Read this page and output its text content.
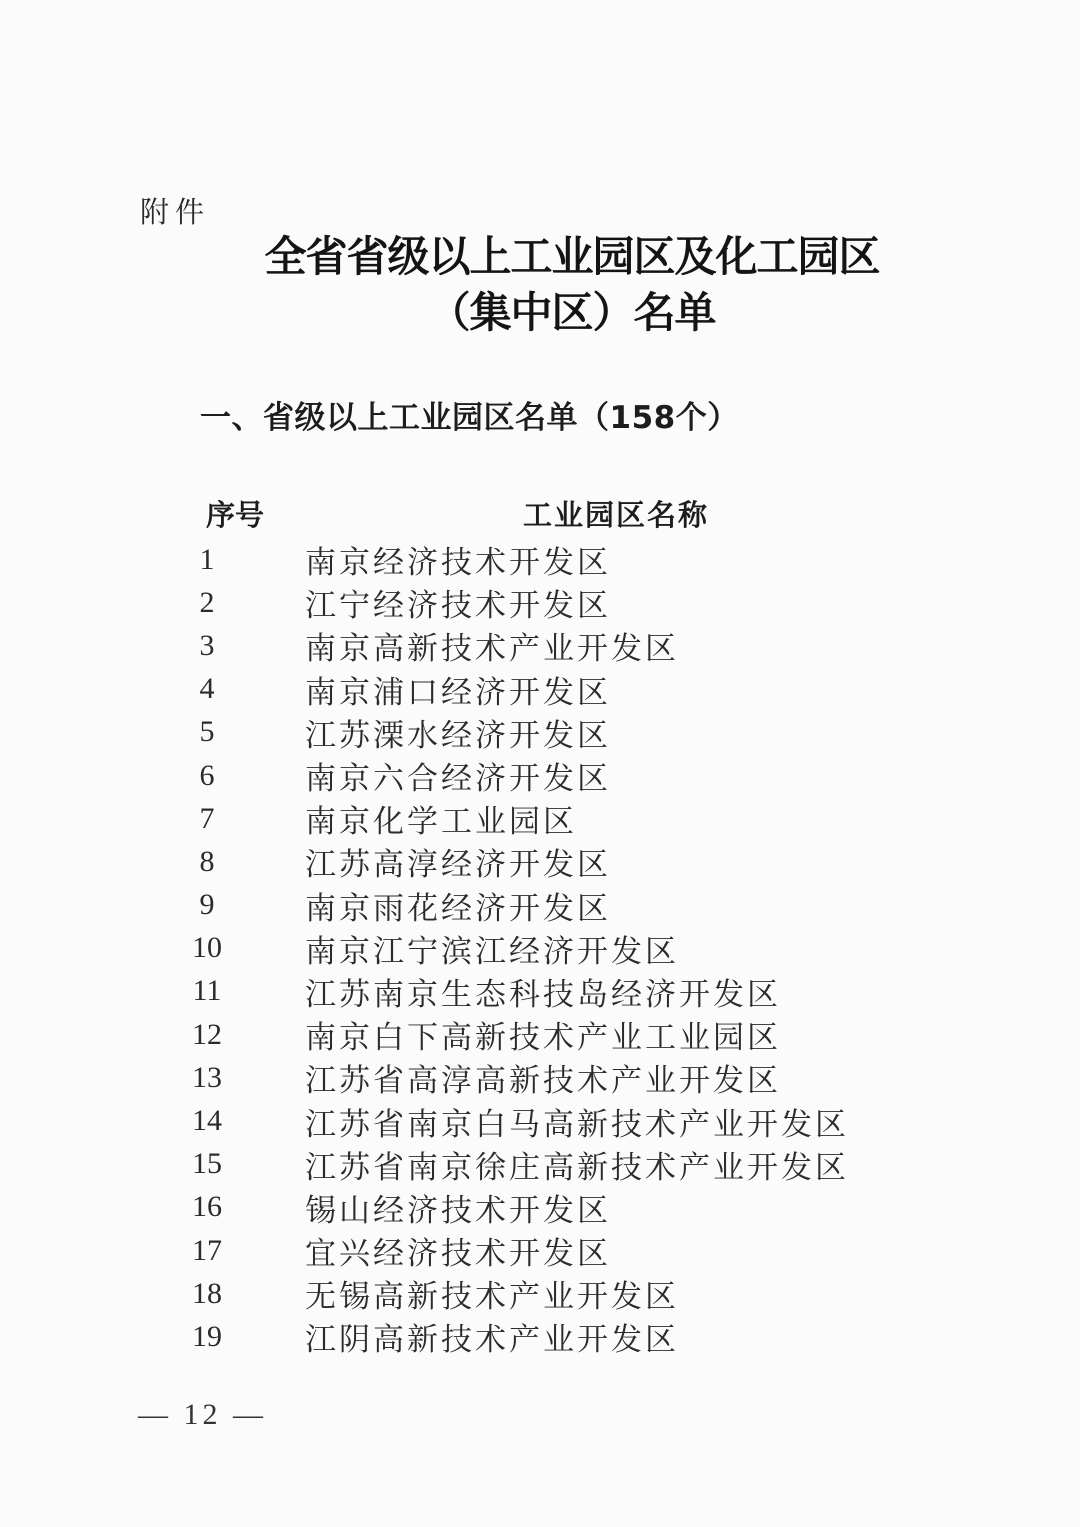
附件
全省省级以上工业园区及化工园区
（集中区）名单
一、省级以上工业园区名单（158个）
序号	工业园区名称
1	南京经济技术开发区
2	江宁经济技术开发区
3	南京高新技术产业开发区
4	南京浦口经济开发区
5	江苏溧水经济开发区
6	南京六合经济开发区
7	南京化学工业园区
8	江苏高淳经济开发区
9	南京雨花经济开发区
10	南京江宁滨江经济开发区
11	江苏南京生态科技岛经济开发区
12	南京白下高新技术产业工业园区
13	江苏省高淳高新技术产业开发区
14	江苏省南京白马高新技术产业开发区
15	江苏省南京徐庄高新技术产业开发区
16	锡山经济技术开发区
17	宜兴经济技术开发区
18	无锡高新技术产业开发区
19	江阴高新技术产业开发区
— 12 —
